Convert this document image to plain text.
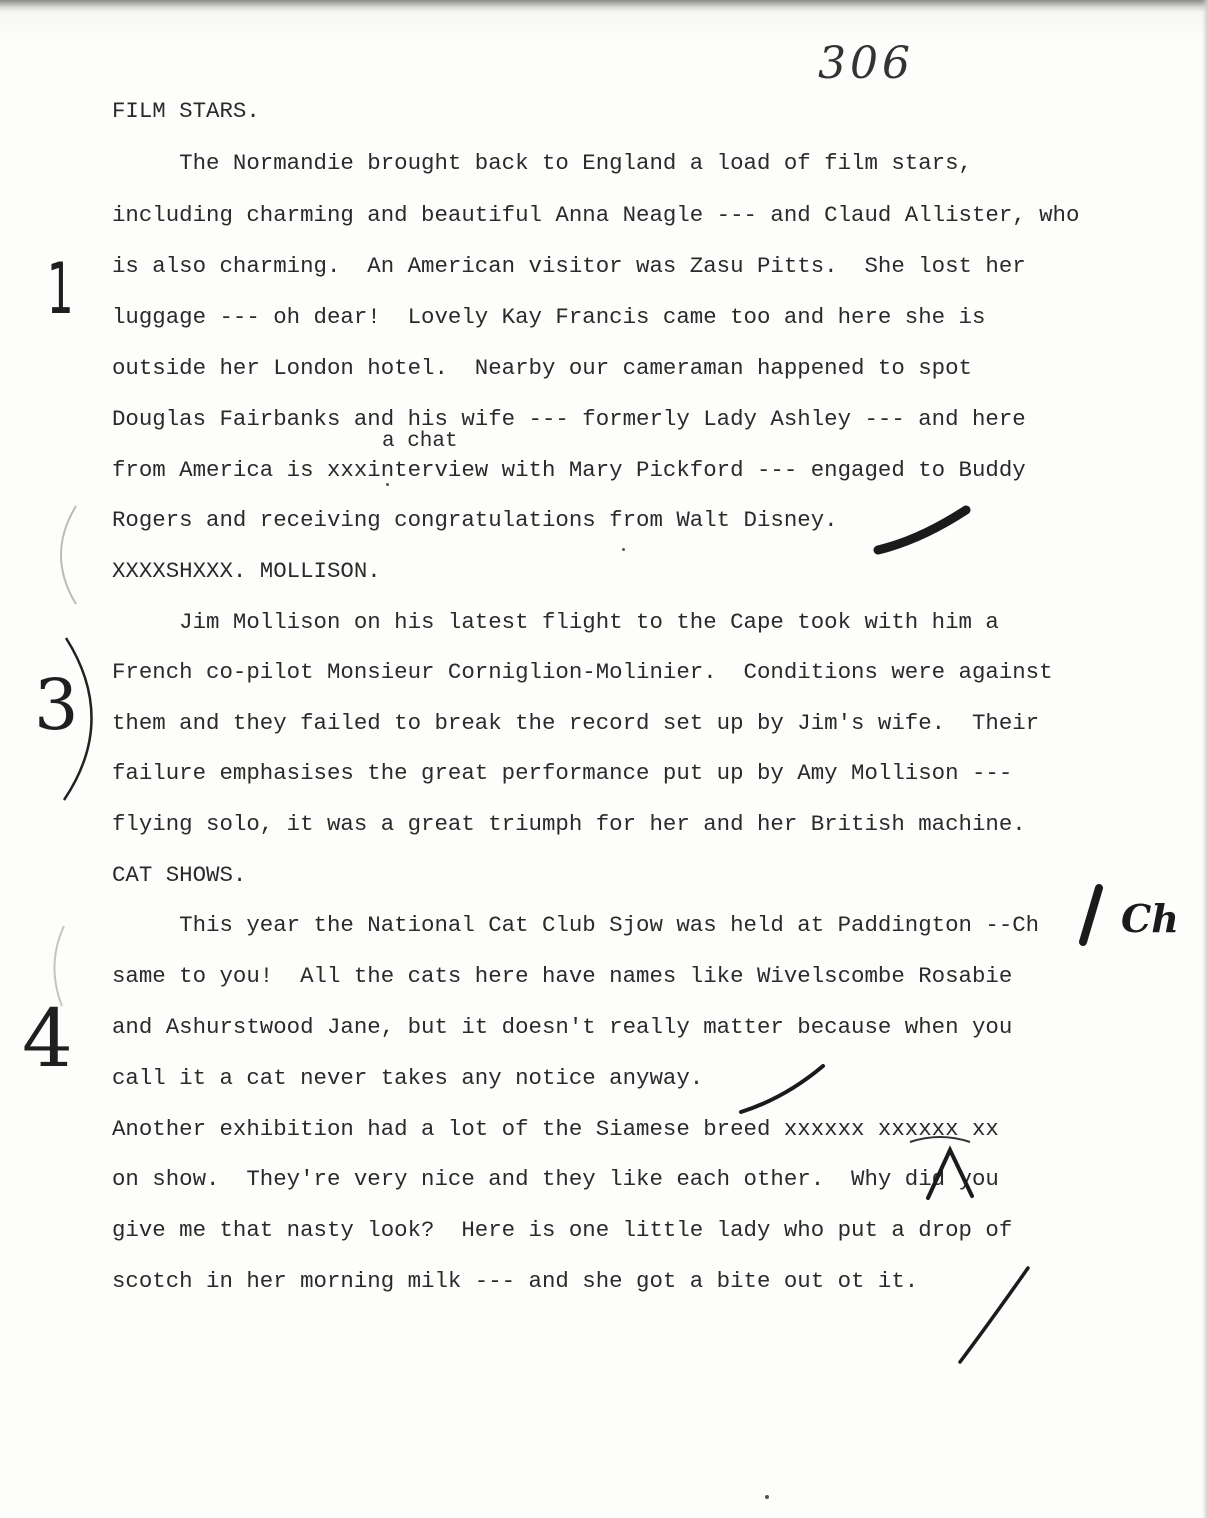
306
FILM STARS.
The Normandie brought back to England a load of film stars,
including charming and beautiful Anna Neagle --- and Claud Allister, who
is also charming.  An American visitor was Zasu Pitts.  She lost her
luggage --- oh dear!  Lovely Kay Francis came too and here she is
outside her London hotel.  Nearby our cameraman happened to spot
Douglas Fairbanks and his wife --- formerly Lady Ashley --- and here
from America is xxxinterview with Mary Pickford --- engaged to Buddy
Rogers and receiving congratulations from Walt Disney.
XXXXSHXXX. MOLLISON.
Jim Mollison on his latest flight to the Cape took with him a
French co-pilot Monsieur Corniglion-Molinier.  Conditions were against
them and they failed to break the record set up by Jim's wife.  Their
failure emphasises the great performance put up by Amy Mollison ---
flying solo, it was a great triumph for her and her British machine.
CAT SHOWS.
This year the National Cat Club Sjow was held at Paddington --Ch
same to you!  All the cats here have names like Wivelscombe Rosabie
and Ashurstwood Jane, but it doesn't really matter because when you
call it a cat never takes any notice anyway.
Another exhibition had a lot of the Siamese breed xxxxxx xxxxxx xx
on show.  They're very nice and they like each other.  Why did you
give me that nasty look?  Here is one little lady who put a drop of
scotch in her morning milk --- and she got a bite out ot it.
a chat
1
3
4
Ch
